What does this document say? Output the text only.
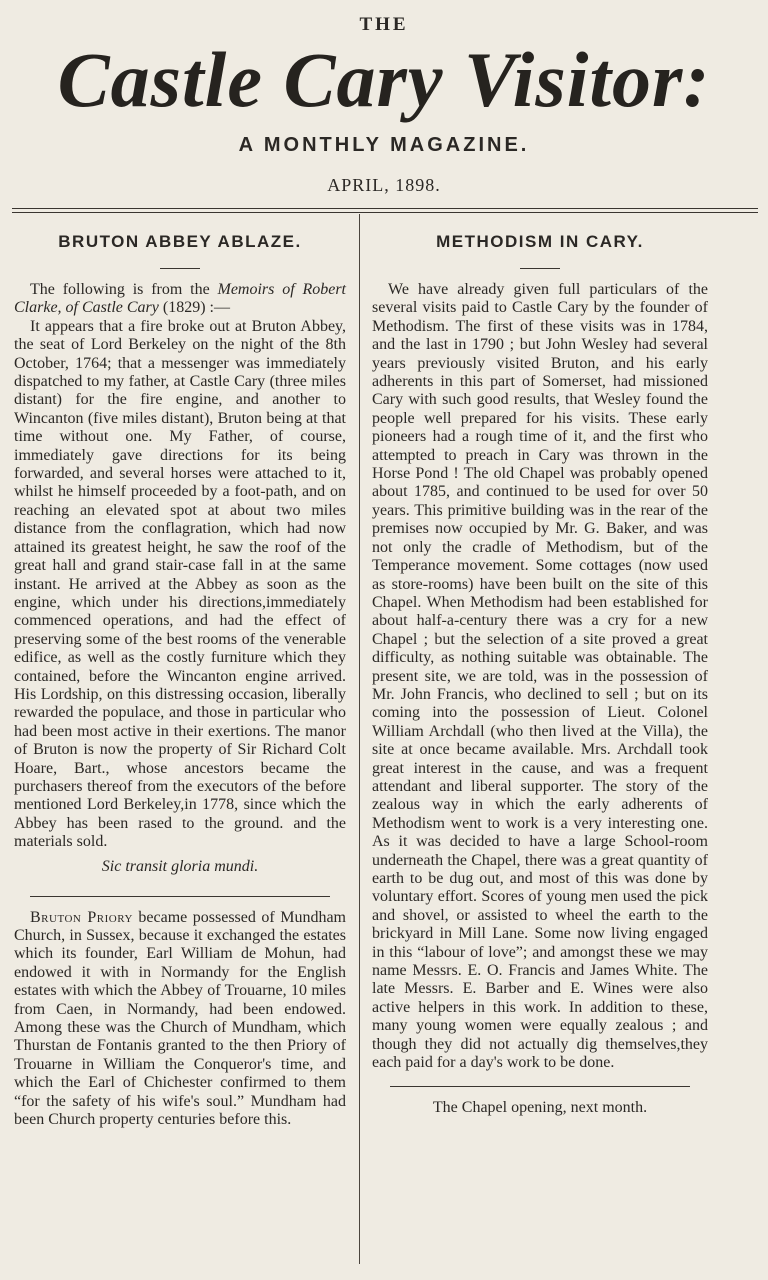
THE
Castle Cary Visitor:
A MONTHLY MAGAZINE.
APRIL, 1898.
BRUTON ABBEY ABLAZE.

The following is from the Memoirs of Robert Clarke, of Castle Cary (1829) :—

It appears that a fire broke out at Bruton Abbey, the seat of Lord Berkeley on the night of the 8th October, 1764; that a messenger was immediately dispatched to my father, at Castle Cary (three miles distant) for the fire engine, and another to Wincanton (five miles distant), Bruton being at that time without one. My Father, of course, immediately gave directions for its being forwarded, and several horses were attached to it, whilst he himself proceeded by a foot-path, and on reaching an elevated spot at about two miles distance from the conflagration, which had now attained its greatest height, he saw the roof of the great hall and grand stair-case fall in at the same instant. He arrived at the Abbey as soon as the engine, which under his directions,immediately commenced operations, and had the effect of preserving some of the best rooms of the venerable edifice, as well as the costly furniture which they contained, before the Wincanton engine arrived. His Lordship, on this distressing occasion, liberally rewarded the populace, and those in particular who had been most active in their exertions. The manor of Bruton is now the property of Sir Richard Colt Hoare, Bart., whose ancestors became the purchasers thereof from the executors of the before mentioned Lord Berkeley,in 1778, since which the Abbey has been rased to the ground. and the materials sold.

Sic transit gloria mundi.

Bruton Priory became possessed of Mundham Church, in Sussex, because it exchanged the estates which its founder, Earl William de Mohun, had endowed it with in Normandy for the English estates with which the Abbey of Trouarne, 10 miles from Caen, in Normandy, had been endowed. Among these was the Church of Mundham, which Thurstan de Fontanis granted to the then Priory of Trouarne in William the Conqueror's time, and which the Earl of Chichester confirmed to them “for the safety of his wife's soul.” Mundham had been Church property centuries before this.

METHODISM IN CARY.

We have already given full particulars of the several visits paid to Castle Cary by the founder of Methodism. The first of these visits was in 1784, and the last in 1790 ; but John Wesley had several years previously visited Bruton, and his early adherents in this part of Somerset, had missioned Cary with such good results, that Wesley found the people well prepared for his visits. These early pioneers had a rough time of it, and the first who attempted to preach in Cary was thrown in the Horse Pond ! The old Chapel was probably opened about 1785, and continued to be used for over 50 years. This primitive building was in the rear of the premises now occupied by Mr. G. Baker, and was not only the cradle of Methodism, but of the Temperance movement. Some cottages (now used as store-rooms) have been built on the site of this Chapel. When Methodism had been established for about half-a-century there was a cry for a new Chapel ; but the selection of a site proved a great difficulty, as nothing suitable was obtainable. The present site, we are told, was in the possession of Mr. John Francis, who declined to sell ; but on its coming into the possession of Lieut. Colonel William Archdall (who then lived at the Villa), the site at once became available. Mrs. Archdall took great interest in the cause, and was a frequent attendant and liberal supporter. The story of the zealous way in which the early adherents of Methodism went to work is a very interesting one. As it was decided to have a large School-room underneath the Chapel, there was a great quantity of earth to be dug out, and most of this was done by voluntary effort. Scores of young men used the pick and shovel, or assisted to wheel the earth to the brickyard in Mill Lane. Some now living engaged in this “labour of love”; and amongst these we may name Messrs. E. O. Francis and James White. The late Messrs. E. Barber and E. Wines were also active helpers in this work. In addition to these, many young women were equally zealous ; and though they did not actually dig themselves,they each paid for a day's work to be done.

The Chapel opening, next month.
